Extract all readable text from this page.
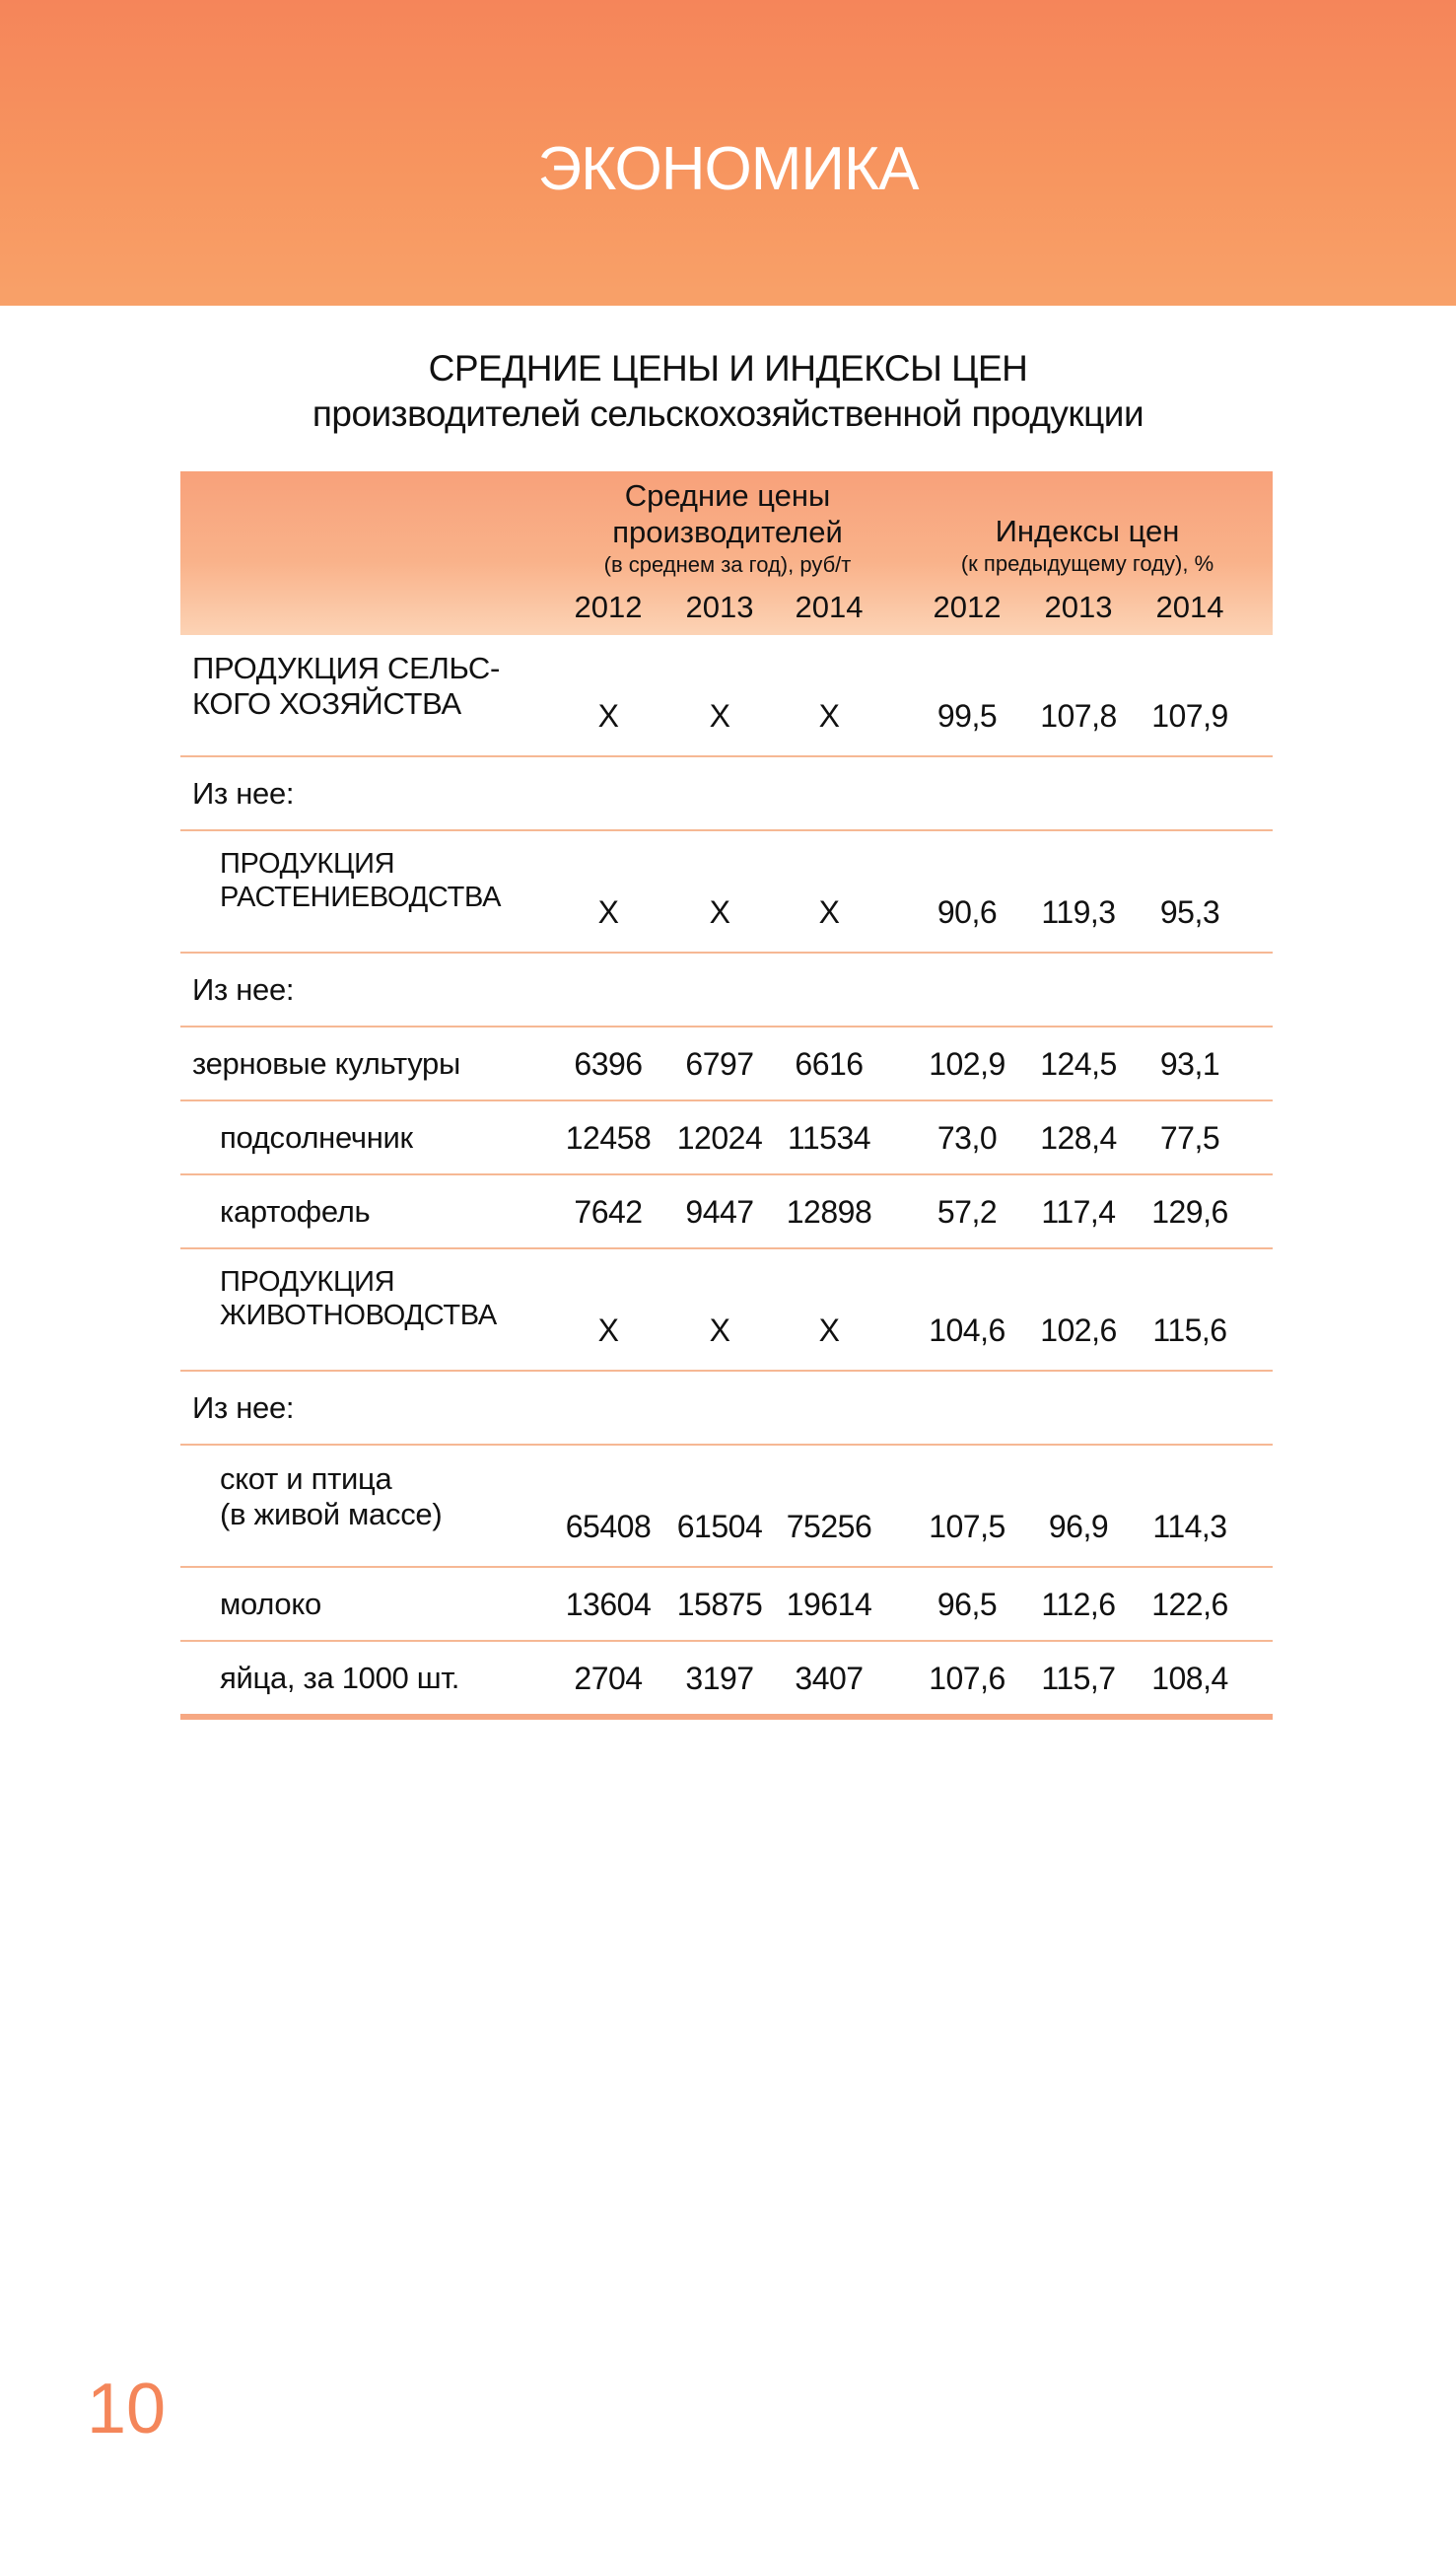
ЭКОНОМИКА
СРЕДНИЕ ЦЕНЫ И ИНДЕКСЫ ЦЕН
производителей сельскохозяйственной продукции
Средние цены
производителей
(в среднем за год), руб/т
Индексы цен
(к предыдущему году), %
2012	2013	2014	2012	2013	2014
ПРОДУКЦИЯ СЕЛЬС-
КОГО ХОЗЯЙСТВА	Х	Х	Х	99,5	107,8	107,9
Из нее:
ПРОДУКЦИЯ
РАСТЕНИЕВОДСТВА	Х	Х	Х	90,6	119,3	95,3
Из нее:
зерновые культуры	6396	6797	6616	102,9	124,5	93,1
подсолнечник	12458 12024 11534	73,0	128,4	77,5
картофель	7642	9447	12898	57,2	117,4	129,6
ПРОДУКЦИЯ
ЖИВОТНОВОДСТВА	Х	Х	Х	104,6	102,6	115,6
Из нее:
скот и птица
(в живой массе)	65408 61504 75256	107,5	96,9	114,3
молоко	13604 15875 19614	96,5	112,6	122,6
яйца, за 1000 шт.	2704	3197	3407	107,6	115,7	108,4
10
